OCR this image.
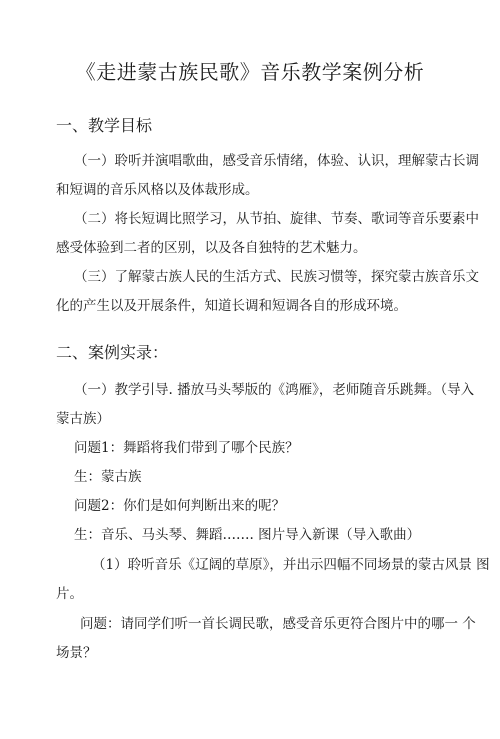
《走进蒙古族民歌》音乐教学案例分析
一、教学目标

（一）聆听并演唱歌曲，感受音乐情绪，体验、认识，理解蒙古长调

和短调的音乐风格以及体裁形成。

（二）将长短调比照学习，从节拍、旋律、节奏、歌词等音乐要素中

感受体验到二者的区别，以及各自独特的艺术魅力。

（三）了解蒙古族人民的生活方式、民族习惯等，探究蒙古族音乐文

化的产生以及开展条件，知道长调和短调各自的形成环境。

二、案例实录：

（一）教学引导. 播放马头琴版的《鸿雁》，老师随音乐跳舞。（导入

蒙古族）

问题1：舞蹈将我们带到了哪个民族？

生：蒙古族

问题2：你们是如何判断出来的呢？

生：音乐、马头琴、舞蹈……. 图片导入新课（导入歌曲）

（1）聆听音乐《辽阔的草原》，并出示四幅不同场景的蒙古风景 图

片。

问题：请同学们听一首长调民歌，感受音乐更符合图片中的哪一 个

场景？
